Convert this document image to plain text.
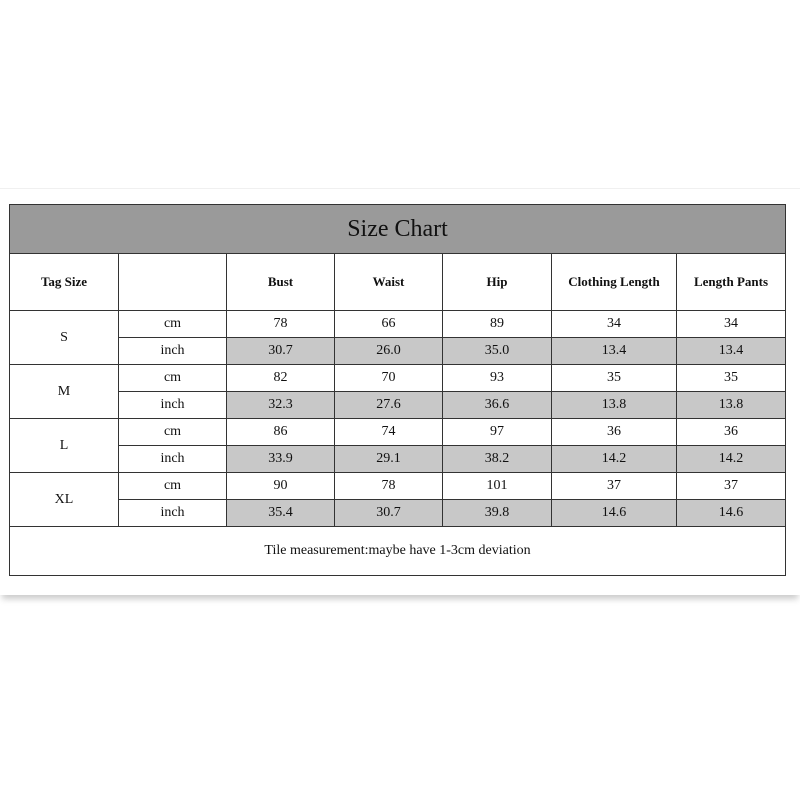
Size Chart						
Tag Size		Bust	Waist	Hip	Clothing Length	Length Pants
S	cm	78	66	89	34	34
	inch	30.7	26.0	35.0	13.4	13.4
M	cm	82	70	93	35	35
	inch	32.3	27.6	36.6	13.8	13.8
L	cm	86	74	97	36	36
	inch	33.9	29.1	38.2	14.2	14.2
XL	cm	90	78	101	37	37
	inch	35.4	30.7	39.8	14.6	14.6
Tile measurement:maybe have 1-3cm deviation						
